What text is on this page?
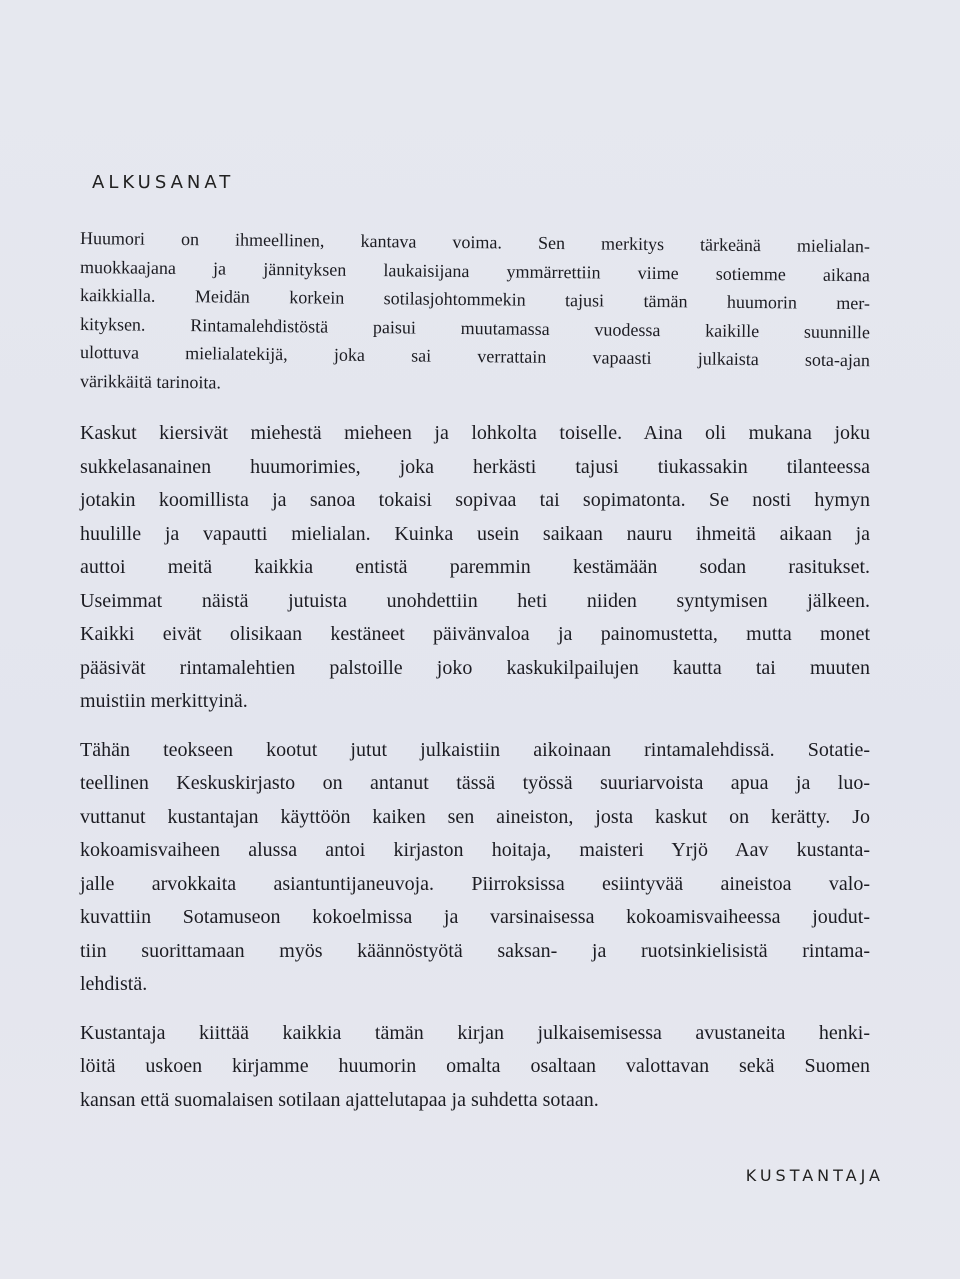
ALKUSANAT
Huumori on ihmeellinen, kantava voima. Sen merkitys tärkeänä mielialan-
muokkaajana ja jännityksen laukaisijana ymmärrettiin viime sotiemme aikana
kaikkialla. Meidän korkein sotilasjohtommekin tajusi tämän huumorin mer-
kityksen. Rintamalehdistöstä paisui muutamassa vuodessa kaikille suunnille
ulottuva mielialatekijä, joka sai verrattain vapaasti julkaista sota-ajan
värikkäitä tarinoita.
Kaskut kiersivät miehestä mieheen ja lohkolta toiselle. Aina oli mukana joku
sukkelasanainen huumorimies, joka herkästi tajusi tiukassakin tilanteessa
jotakin koomillista ja sanoa tokaisi sopivaa tai sopimatonta. Se nosti hymyn
huulille ja vapautti mielialan. Kuinka usein saikaan nauru ihmeitä aikaan ja
auttoi meitä kaikkia entistä paremmin kestämään sodan rasitukset.
Useimmat näistä jutuista unohdettiin heti niiden syntymisen jälkeen.
Kaikki eivät olisikaan kestäneet päivänvaloa ja painomustetta, mutta monet
pääsivät rintamalehtien palstoille joko kaskukilpailujen kautta tai muuten
muistiin merkittyinä.
Tähän teokseen kootut jutut julkaistiin aikoinaan rintamalehdissä. Sotatie-
teellinen Keskuskirjasto on antanut tässä työssä suuriarvoista apua ja luo-
vuttanut kustantajan käyttöön kaiken sen aineiston, josta kaskut on kerätty. Jo
kokoamisvaiheen alussa antoi kirjaston hoitaja, maisteri Yrjö Aav kustanta-
jalle arvokkaita asiantuntijaneuvoja. Piirroksissa esiintyvää aineistoa valo-
kuvattiin Sotamuseon kokoelmissa ja varsinaisessa kokoamisvaiheessa joudut-
tiin suorittamaan myös käännöstyötä saksan- ja ruotsinkielisistä rintama-
lehdistä.
Kustantaja kiittää kaikkia tämän kirjan julkaisemisessa avustaneita henki-
löitä uskoen kirjamme huumorin omalta osaltaan valottavan sekä Suomen
kansan että suomalaisen sotilaan ajattelutapaa ja suhdetta sotaan.
KUSTANTAJA
